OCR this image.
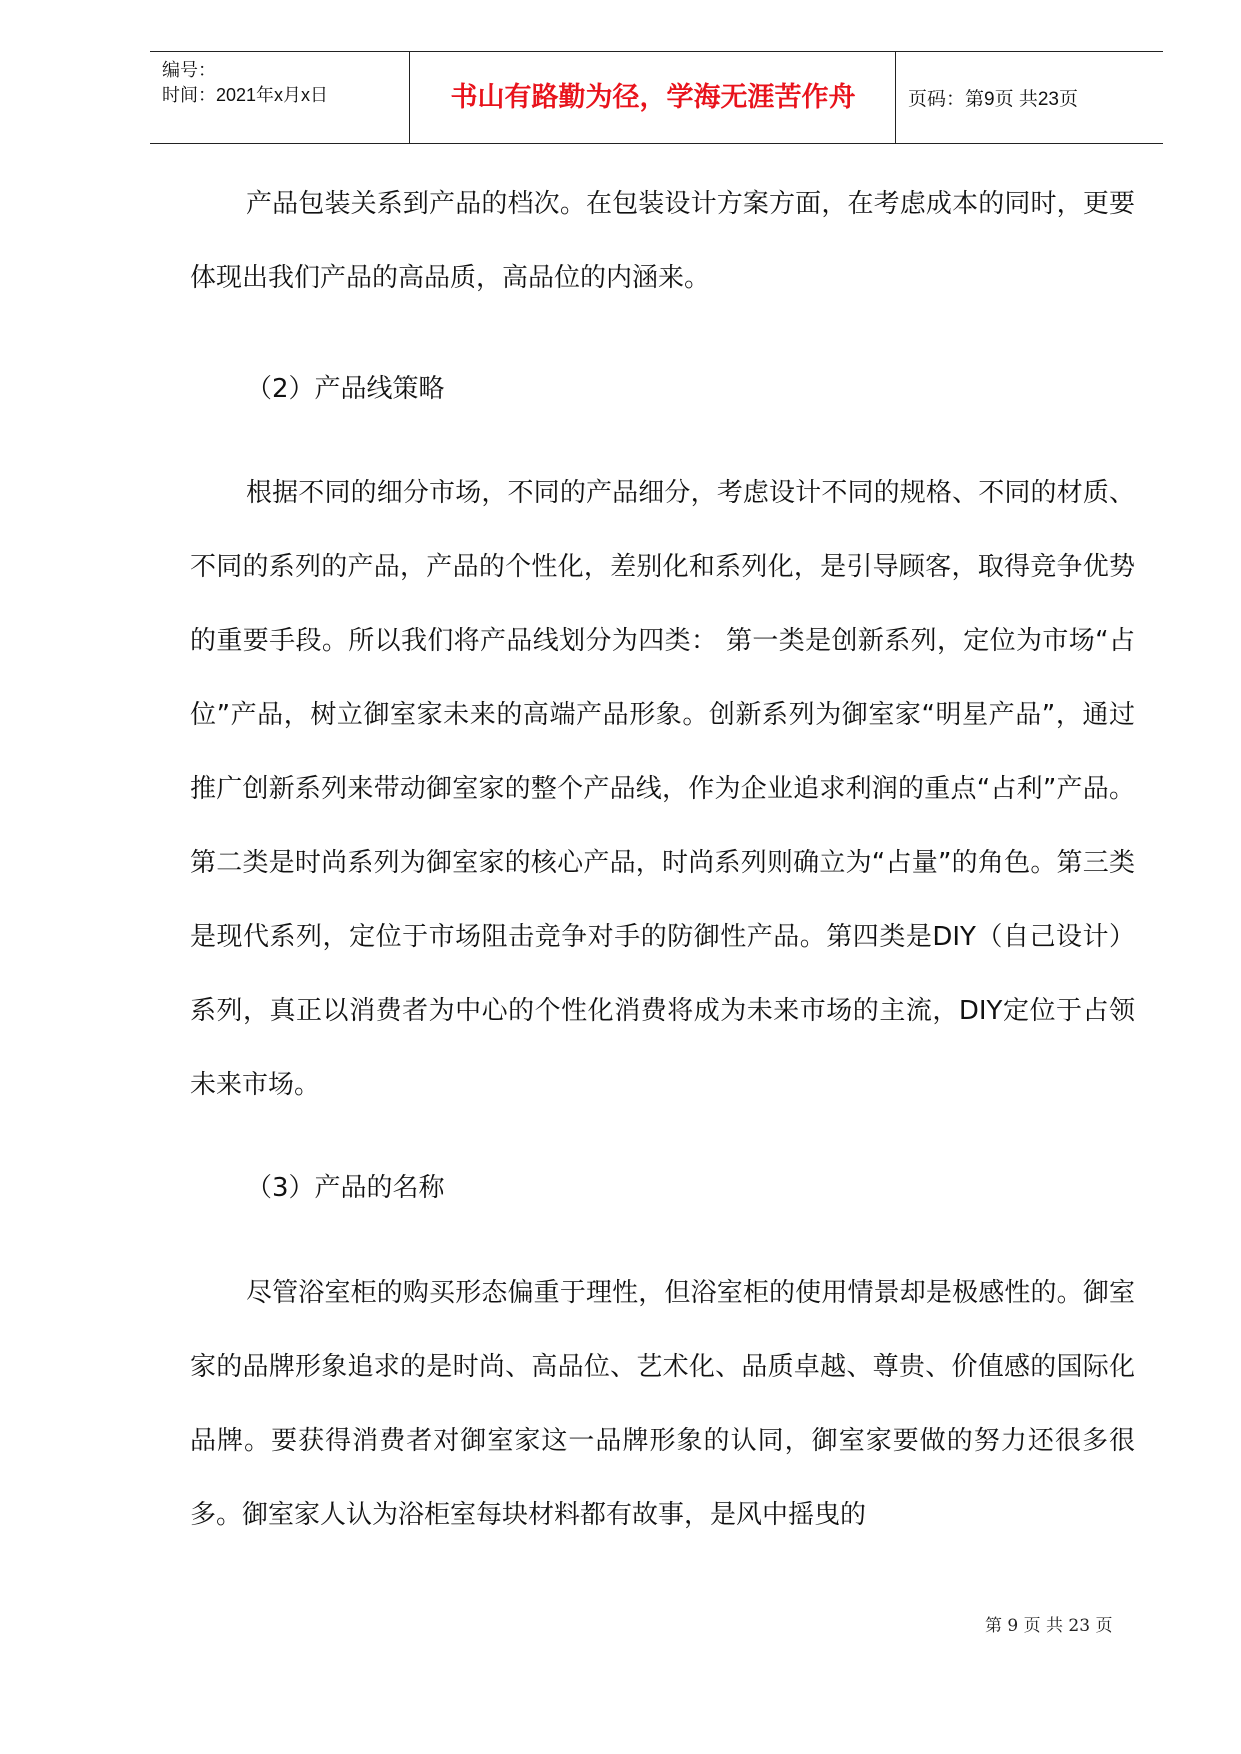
编号：
时间：2021年x月x日	书山有路勤为径，学海无涯苦作舟	页码：第9页 共23页

产品包装关系到产品的档次。在包装设计方案方面，在考虑成本的同时，更要体现出我们产品的高品质，高品位的内涵来。

（2）产品线策略

根据不同的细分市场，不同的产品细分，考虑设计不同的规格、不同的材质、不同的系列的产品，产品的个性化，差别化和系列化，是引导顾客，取得竞争优势的重要手段。所以我们将产品线划分为四类： 第一类是创新系列，定位为市场“占位”产品，树立御室家未来的高端产品形象。创新系列为御室家“明星产品”，通过推广创新系列来带动御室家的整个产品线，作为企业追求利润的重点“占利”产品。第二类是时尚系列为御室家的核心产品，时尚系列则确立为“占量”的角色。第三类是现代系列，定位于市场阻击竞争对手的防御性产品。第四类是DIY（自己设计）系列，真正以消费者为中心的个性化消费将成为未来市场的主流，DIY定位于占领未来市场。

（3）产品的名称

尽管浴室柜的购买形态偏重于理性，但浴室柜的使用情景却是极感性的。御室家的品牌形象追求的是时尚、高品位、艺术化、品质卓越、尊贵、价值感的国际化品牌。要获得消费者对御室家这一品牌形象的认同，御室家要做的努力还很多很多。御室家人认为浴柜室每块材料都有故事，是风中摇曳的

第 9 页 共 23 页
